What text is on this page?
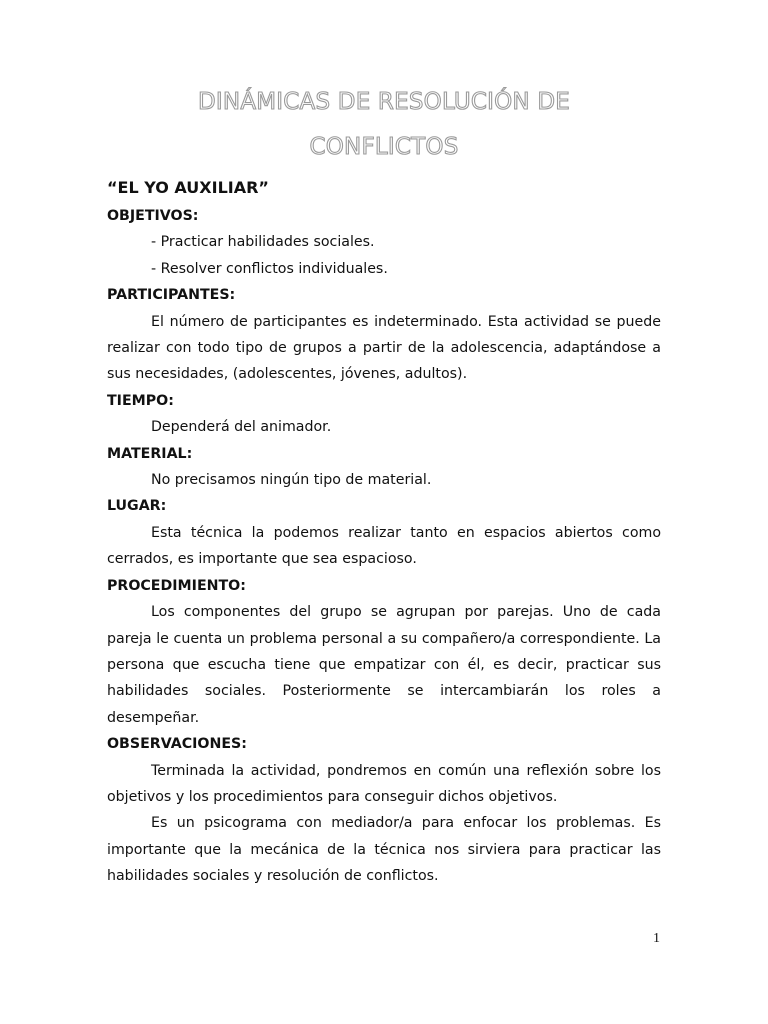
DINÁMICAS DE RESOLUCIÓN DE
CONFLICTOS
“EL YO AUXILIAR”
OBJETIVOS:
- Practicar habilidades sociales.
- Resolver conflictos individuales.
PARTICIPANTES:
El número de participantes es indeterminado. Esta actividad se puede realizar con todo tipo de grupos a partir de la adolescencia, adaptándose a sus necesidades, (adolescentes, jóvenes, adultos).
TIEMPO:
Dependerá del animador.
MATERIAL:
No precisamos ningún tipo de material.
LUGAR:
Esta técnica la podemos realizar tanto en espacios abiertos como cerrados, es importante que sea espacioso.
PROCEDIMIENTO:
Los componentes del grupo se agrupan por parejas. Uno de cada pareja le cuenta un problema personal a su compañero/a correspondiente. La persona que escucha tiene que empatizar con él, es decir, practicar sus habilidades sociales. Posteriormente se intercambiarán los roles a desempeñar.
OBSERVACIONES:
Terminada la actividad, pondremos en común una reflexión sobre los objetivos y los procedimientos para conseguir dichos objetivos.
Es un psicograma con mediador/a para enfocar los problemas. Es importante que la mecánica de la técnica nos sirviera para practicar las habilidades sociales y resolución de conflictos.
1
